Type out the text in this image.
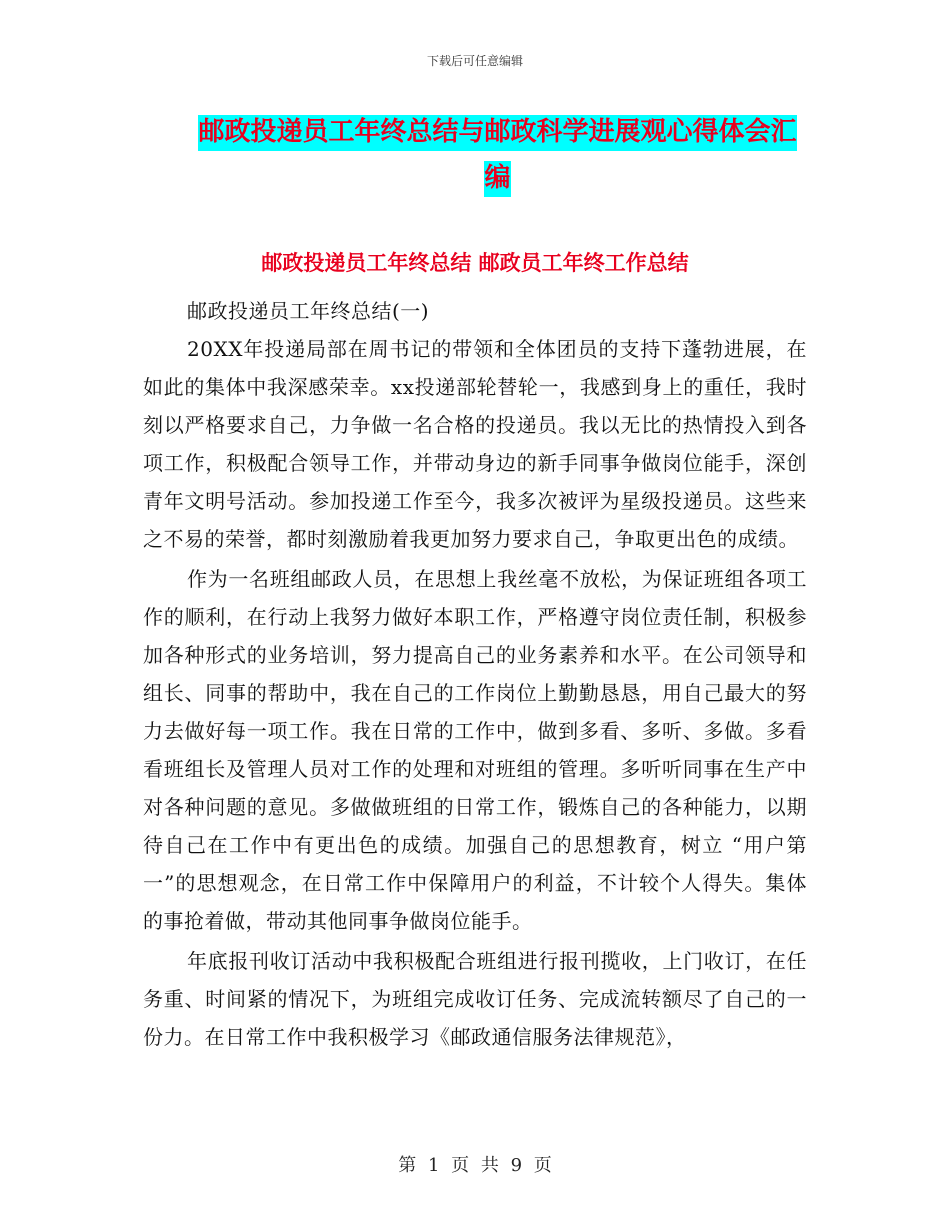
下载后可任意编辑
邮政投递员工年终总结与邮政科学进展观心得体会汇
编
邮政投递员工年终总结 邮政员工年终工作总结

邮政投递员工年终总结(一)

20XX年投递局部在周书记的带领和全体团员的支持下蓬勃进展，在如此的集体中我深感荣幸。xx投递部轮替轮一，我感到身上的重任，我时刻以严格要求自己，力争做一名合格的投递员。我以无比的热情投入到各项工作，积极配合领导工作，并带动身边的新手同事争做岗位能手，深创青年文明号活动。参加投递工作至今，我多次被评为星级投递员。这些来之不易的荣誉，都时刻激励着我更加努力要求自己，争取更出色的成绩。

作为一名班组邮政人员，在思想上我丝毫不放松，为保证班组各项工作的顺利，在行动上我努力做好本职工作，严格遵守岗位责任制，积极参加各种形式的业务培训，努力提高自己的业务素养和水平。在公司领导和组长、同事的帮助中，我在自己的工作岗位上勤勤恳恳，用自己最大的努力去做好每一项工作。我在日常的工作中，做到多看、多听、多做。多看看班组长及管理人员对工作的处理和对班组的管理。多听听同事在生产中对各种问题的意见。多做做班组的日常工作，锻炼自己的各种能力，以期待自己在工作中有更出色的成绩。加强自己的思想教育，树立 “用户第一”的思想观念，在日常工作中保障用户的利益，不计较个人得失。集体的事抢着做，带动其他同事争做岗位能手。

年底报刊收订活动中我积极配合班组进行报刊揽收，上门收订，在任务重、时间紧的情况下，为班组完成收订任务、完成流转额尽了自己的一份力。在日常工作中我积极学习《邮政通信服务法律规范》，

第 1 页 共 9 页
